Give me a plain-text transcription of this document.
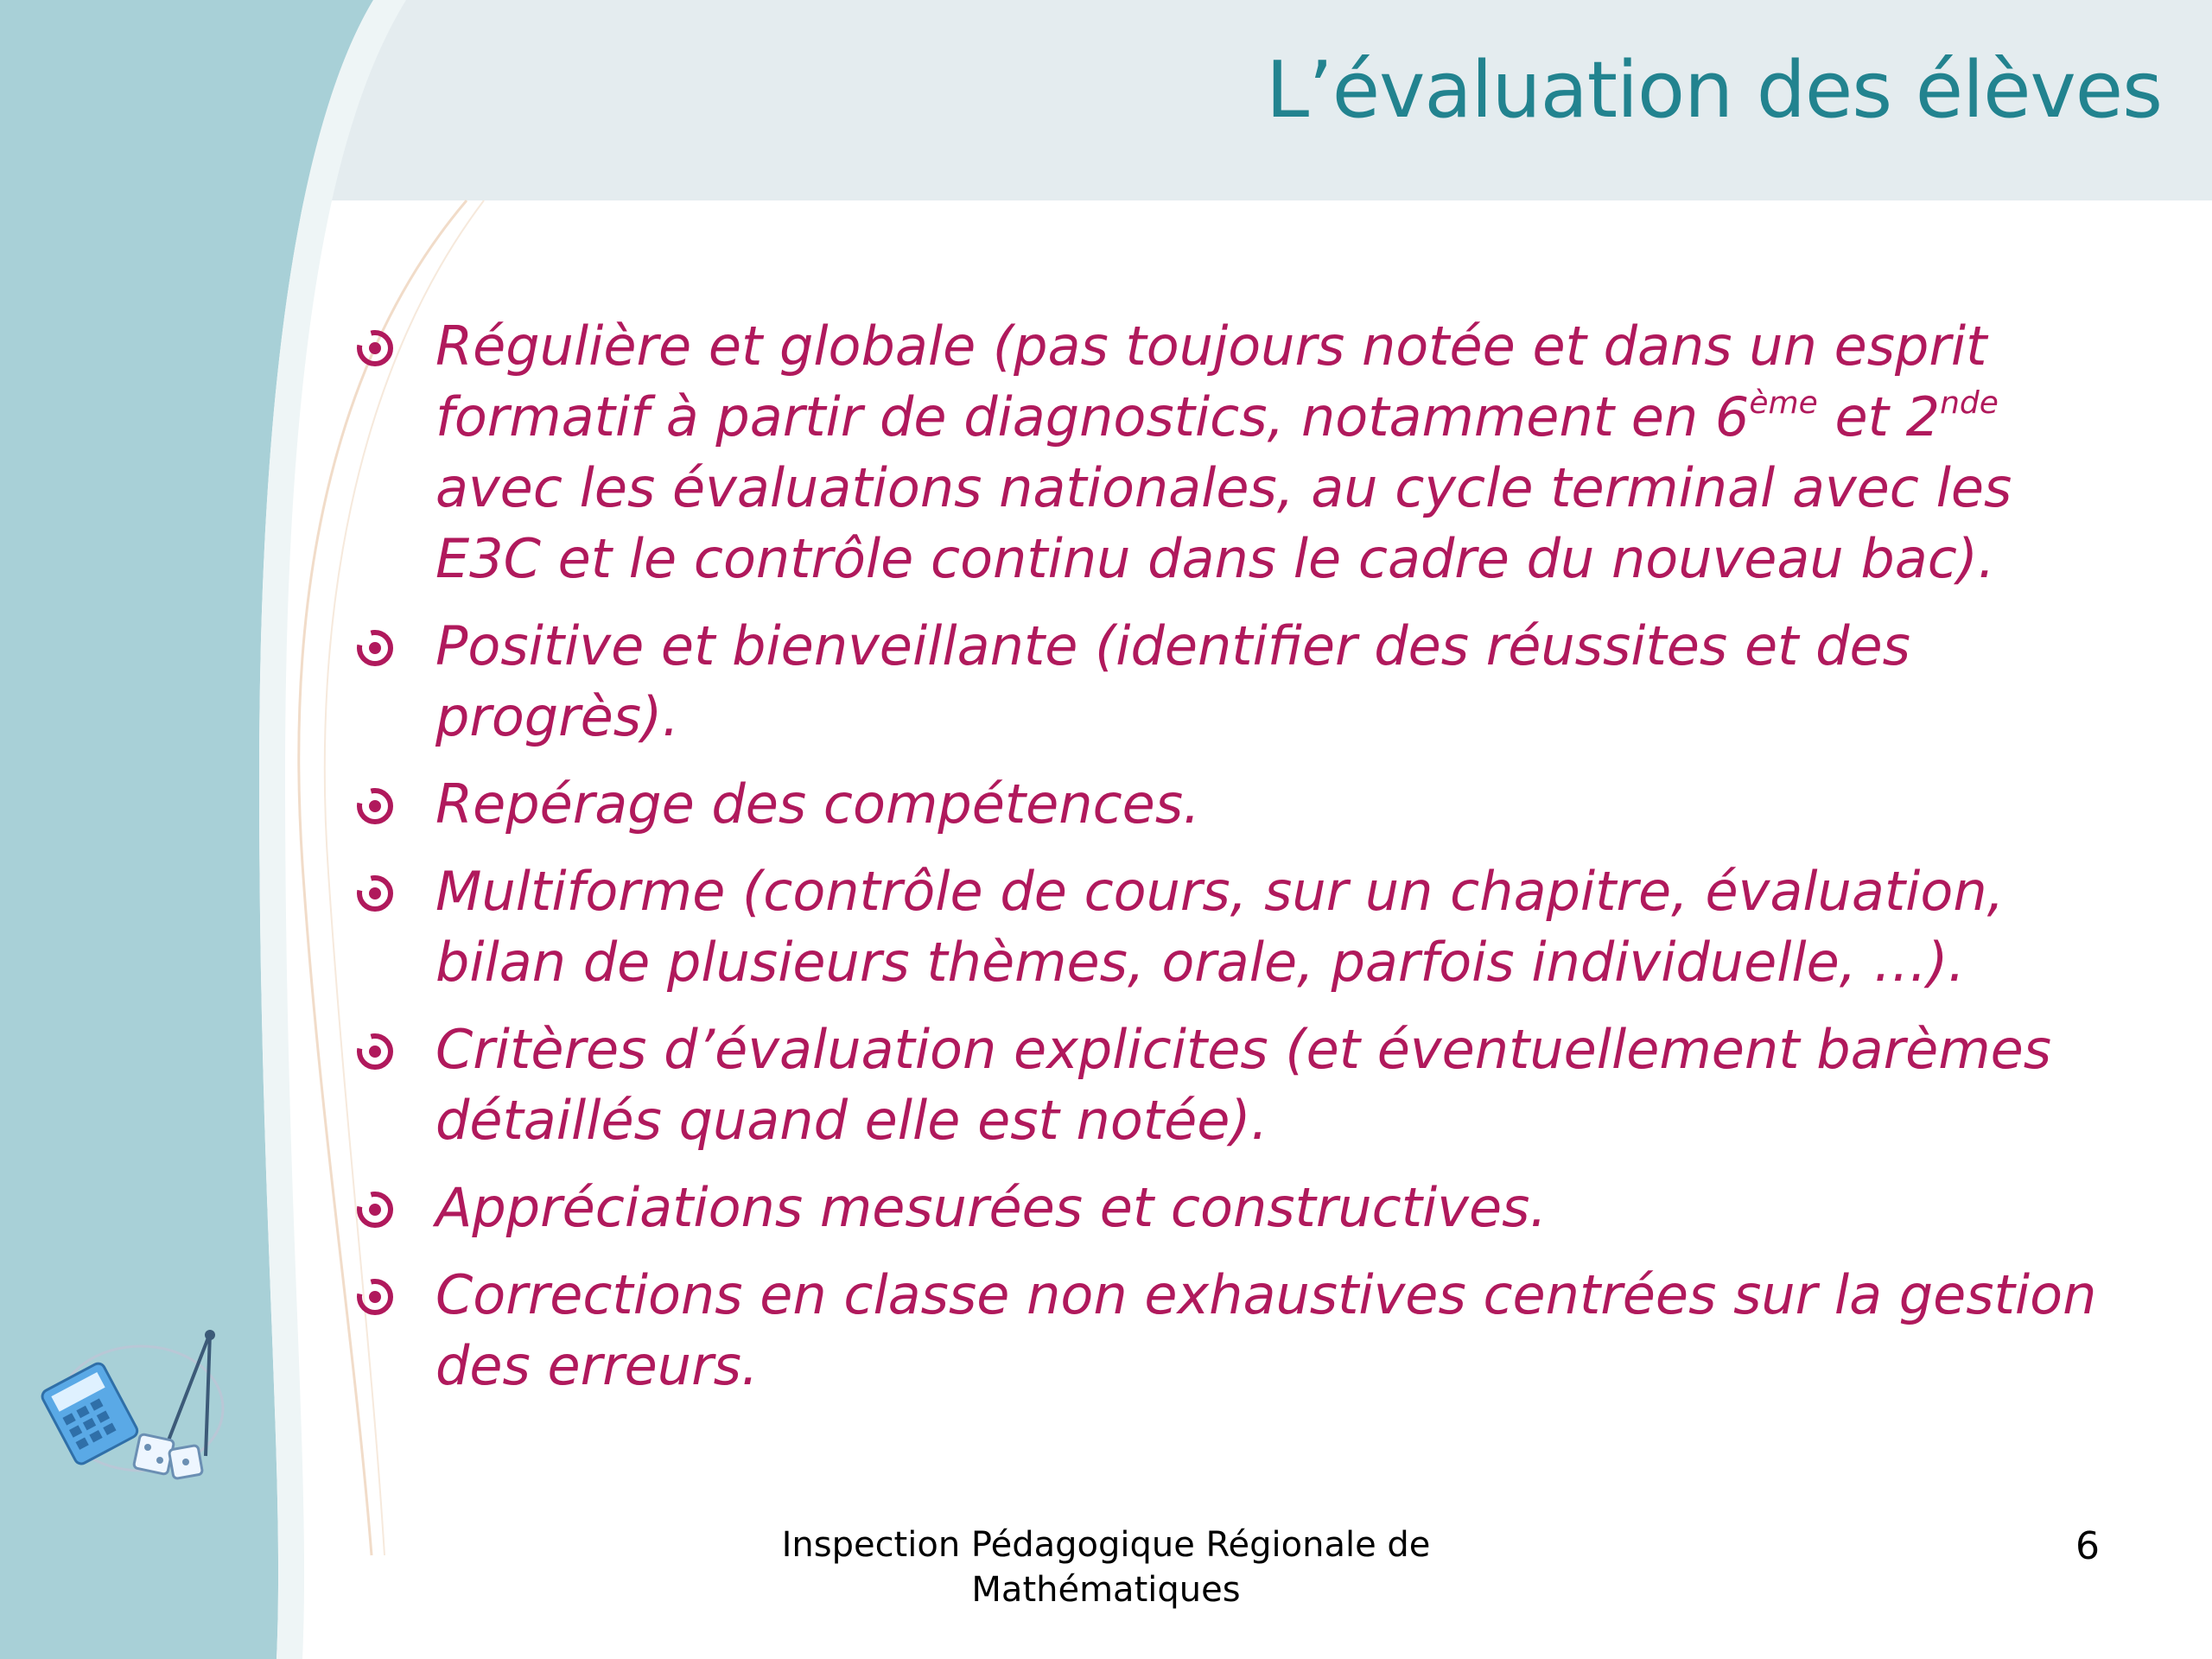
L’évaluation des élèves
Régulière et globale (pas toujours notée et dans un esprit formatif à partir de diagnostics, notamment en 6ème et 2nde avec les évaluations nationales, au cycle terminal avec les E3C et le contrôle continu dans le cadre du nouveau bac).
Positive et bienveillante (identifier des réussites et des progrès).
Repérage des compétences.
Multiforme (contrôle de cours, sur un chapitre, évaluation, bilan de plusieurs thèmes, orale, parfois individuelle, …).
Critères d’évaluation explicites (et éventuellement barèmes détaillés quand elle est notée).
Appréciations mesurées et constructives.
Corrections en classe non exhaustives centrées sur la gestion des erreurs.
Inspection Pédagogique Régionale de
Mathématiques
6
